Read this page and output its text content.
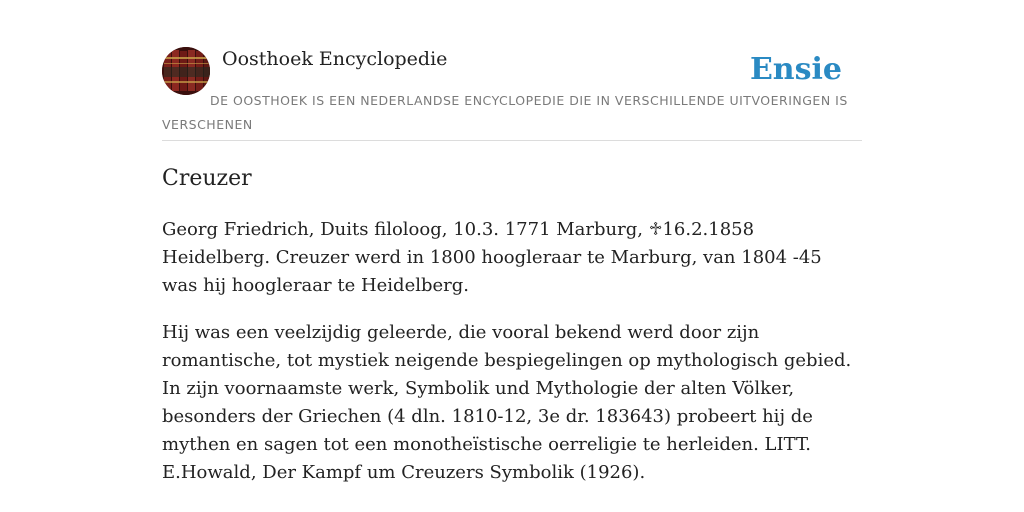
Oosthoek Encyclopedie	Ensie
DE OOSTHOEK IS EEN NEDERLANDSE ENCYCLOPEDIE DIE IN VERSCHILLENDE UITVOERINGEN IS VERSCHENEN
Creuzer

Georg Friedrich, Duits filoloog, 10.3. 1771 Marburg, ♱16.2.1858 Heidelberg. Creuzer werd in 1800 hoogleraar te Marburg, van 1804 -45 was hij hoogleraar te Heidelberg.

Hij was een veelzijdig geleerde, die vooral bekend werd door zijn romantische, tot mystiek neigende bespiegelingen op mythologisch gebied. In zijn voornaamste werk, Symbolik und Mythologie der alten Völker, besonders der Griechen (4 dln. 1810-12, 3e dr. 183643) probeert hij de mythen en sagen tot een monotheïstische oerreligie te herleiden. LITT. E.Howald, Der Kampf um Creuzers Symbolik (1926).
